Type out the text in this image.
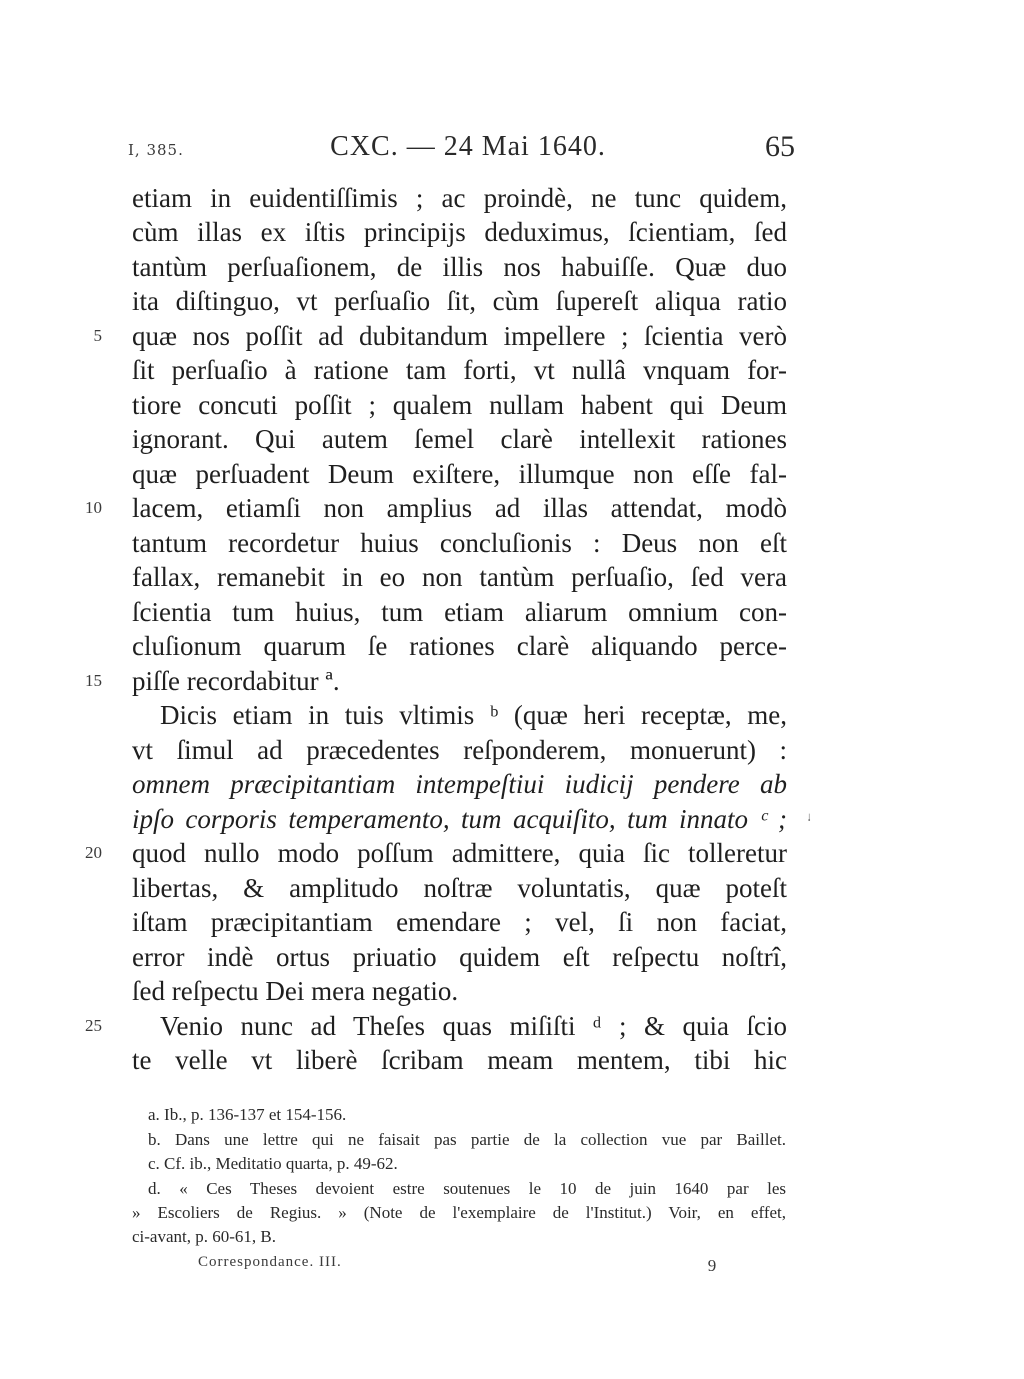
I, 385.	CXC. — 24 Mai 1640.	65
etiam in euidentiſſimis ; ac proindè, ne tunc quidem,
cùm illas ex iſtis principijs deduximus, ſcientiam, ſed
tantùm perſuaſionem, de illis nos habuiſſe. Quæ duo
ita diſtinguo, vt perſuaſio ſit, cùm ſupereſt aliqua ratio
quæ nos poſſit ad dubitandum impellere ; ſcientia verò
ſit perſuaſio à ratione tam forti, vt nullâ vnquam for-
tiore concuti poſſit ; qualem nullam habent qui Deum
ignorant. Qui autem ſemel clarè intellexit rationes
quæ perſuadent Deum exiſtere, illumque non eſſe fal-
lacem, etiamſi non amplius ad illas attendat, modò
tantum recordetur huius concluſionis : Deus non eſt
fallax, remanebit in eo non tantùm perſuaſio, ſed vera
ſcientia tum huius, tum etiam aliarum omnium con-
cluſionum quarum ſe rationes clarè aliquando perce-
piſſe recordabitur ª.
Dicis etiam in tuis vltimis ᵇ (quæ heri receptæ, me,
vt ſimul ad præcedentes reſponderem, monuerunt) :
omnem præcipitantiam intempeſtiui iudicij pendere ab
ipſo corporis temperamento, tum acquiſito, tum innato ᶜ ;
quod nullo modo poſſum admittere, quia ſic tolleretur
libertas, & amplitudo noſtræ voluntatis, quæ poteſt
iſtam præcipitantiam emendare ; vel, ſi non faciat,
error indè ortus priuatio quidem eſt reſpectu noſtrî,
ſed reſpectu Dei mera negatio.
Venio nunc ad Theſes quas miſiſti ᵈ ; & quia ſcio
te velle vt liberè ſcribam meam mentem, tibi hic
5
10
15
20
25
ᛍ
a. Ib., p. 136-137 et 154-156.
b. Dans une lettre qui ne faisait pas partie de la collection vue par Baillet.
c. Cf. ib., Meditatio quarta, p. 49-62.
d. « Ces Theses devoient estre soutenues le 10 de juin 1640 par les
» Escoliers de Regius. » (Note de l'exemplaire de l'Institut.) Voir, en effet,
ci-avant, p. 60-61, B.
Correspondance. III.	9
